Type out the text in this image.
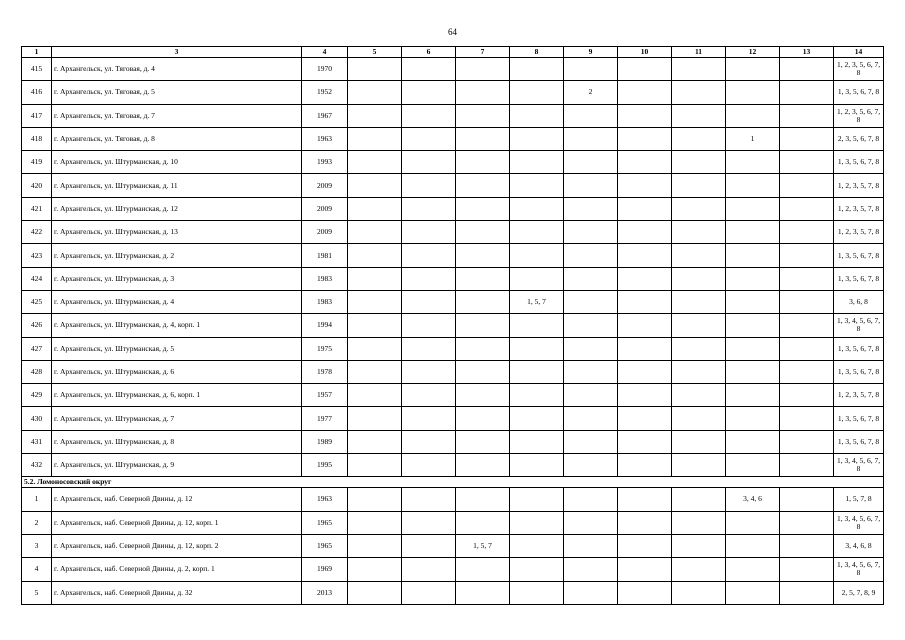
64
1	3	4	5	6	7	8	9	10	11	12	13	14
415	г. Архангельск, ул. Тяговая, д. 4	1970										1, 2, 3, 5, 6, 7, 8
416	г. Архангельск, ул. Тяговая, д. 5	1952					2					1, 3, 5, 6, 7, 8
417	г. Архангельск, ул. Тяговая, д. 7	1967										1, 2, 3, 5, 6, 7, 8
418	г. Архангельск, ул. Тяговая, д. 8	1963								1		2, 3, 5, 6, 7, 8
419	г. Архангельск, ул. Штурманская, д. 10	1993										1, 3, 5, 6, 7, 8
420	г. Архангельск, ул. Штурманская, д. 11	2009										1, 2, 3, 5, 7, 8
421	г. Архангельск, ул. Штурманская, д. 12	2009										1, 2, 3, 5, 7, 8
422	г. Архангельск, ул. Штурманская, д. 13	2009										1, 2, 3, 5, 7, 8
423	г. Архангельск, ул. Штурманская, д. 2	1981										1, 3, 5, 6, 7, 8
424	г. Архангельск, ул. Штурманская, д. 3	1983										1, 3, 5, 6, 7, 8
425	г. Архангельск, ул. Штурманская, д. 4	1983				1, 5, 7						3, 6, 8
426	г. Архангельск, ул. Штурманская, д. 4, корп. 1	1994										1, 3, 4, 5, 6, 7, 8
427	г. Архангельск, ул. Штурманская, д. 5	1975										1, 3, 5, 6, 7, 8
428	г. Архангельск, ул. Штурманская, д. 6	1978										1, 3, 5, 6, 7, 8
429	г. Архангельск, ул. Штурманская, д. 6, корп. 1	1957										1, 2, 3, 5, 7, 8
430	г. Архангельск, ул. Штурманская, д. 7	1977										1, 3, 5, 6, 7, 8
431	г. Архангельск, ул. Штурманская, д. 8	1989										1, 3, 5, 6, 7, 8
432	г. Архангельск, ул. Штурманская, д. 9	1995										1, 3, 4, 5, 6, 7, 8
5.2. Ломоносовский округ												
1	г. Архангельск, наб. Северной Двины, д. 12	1963								3, 4, 6		1, 5, 7, 8
2	г. Архангельск, наб. Северной Двины, д. 12, корп. 1	1965										1, 3, 4, 5, 6, 7, 8
3	г. Архангельск, наб. Северной Двины, д. 12, корп. 2	1965			1, 5, 7							3, 4, 6, 8
4	г. Архангельск, наб. Северной Двины, д. 2, корп. 1	1969										1, 3, 4, 5, 6, 7, 8
5	г. Архангельск, наб. Северной Двины, д. 32	2013										2, 5, 7, 8, 9
